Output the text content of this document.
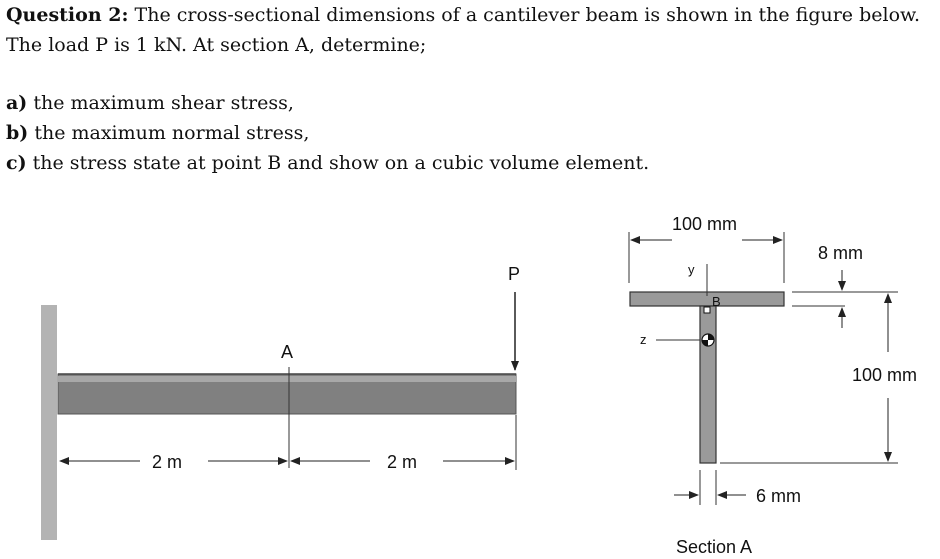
Question 2: The cross-sectional dimensions of a cantilever beam is shown in the figure below.
The load P is 1 kN. At section A, determine;
a) the maximum shear stress,
b) the maximum normal stress,
c) the stress state at point B and show on a cubic volume element.
A
P
2 m	2 m
100 mm
y
z
B
8 mm
100 mm
6 mm
Section A
